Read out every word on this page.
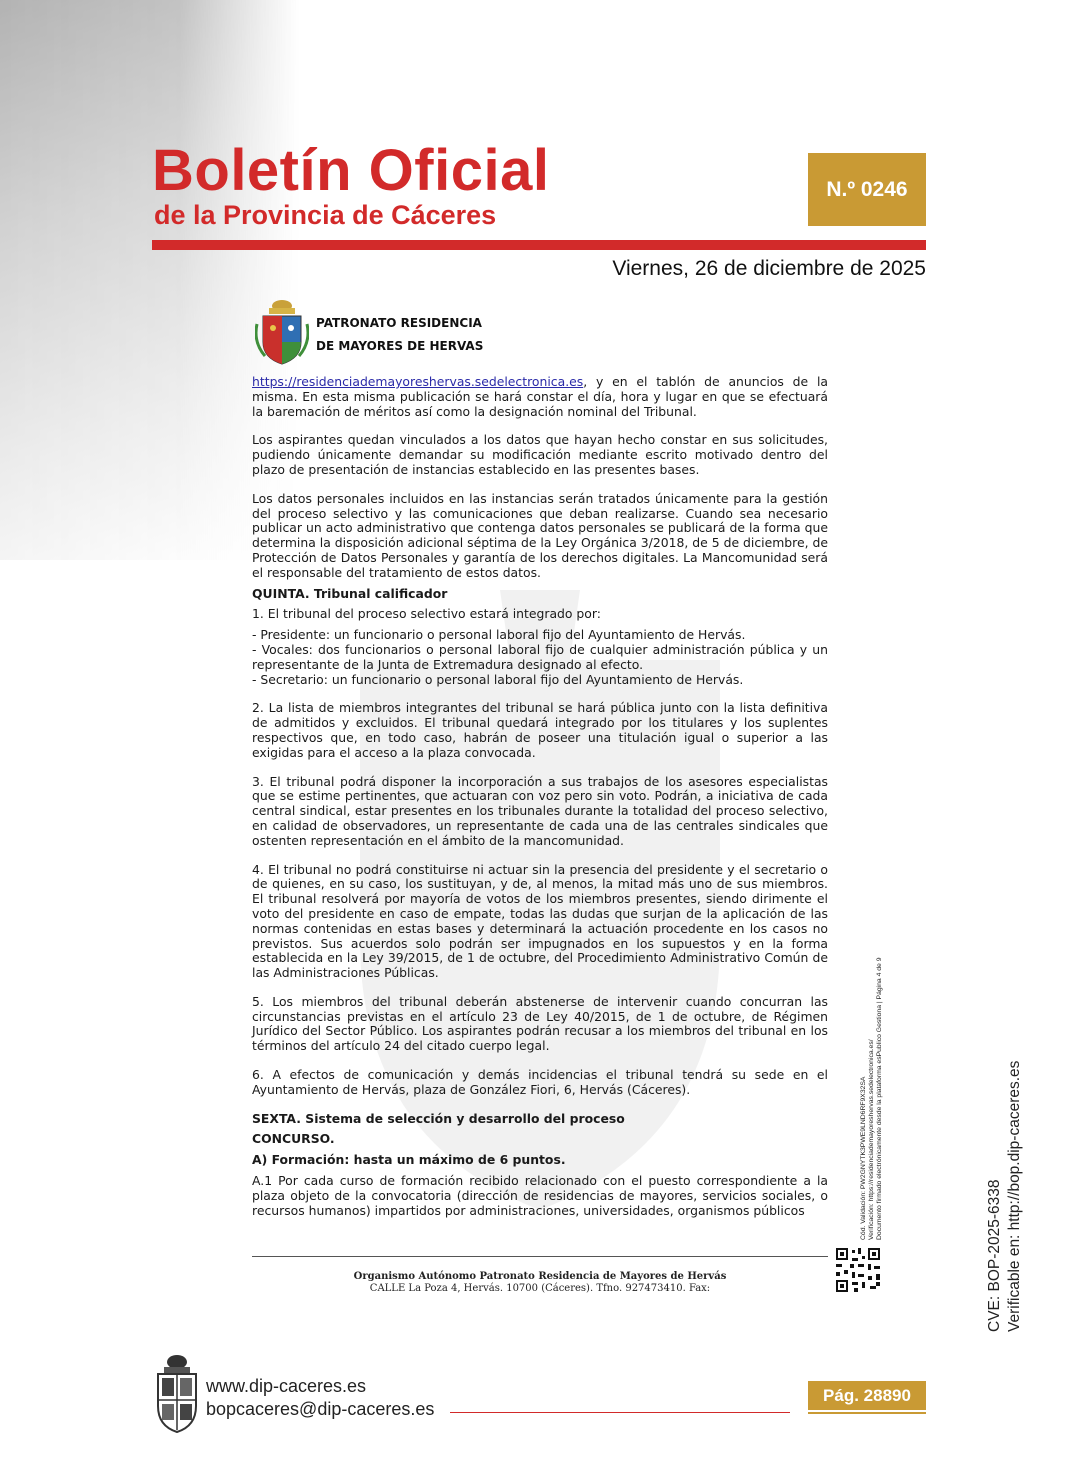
Boletín Oficial
de la Provincia de Cáceres
N.º 0246
Viernes, 26 de diciembre de 2025

PATRONATO RESIDENCIA
DE MAYORES DE HERVAS

https://residenciademayoreshervas.sedelectronica.es, y en el tablón de anuncios de la misma. En esta misma publicación se hará constar el día, hora y lugar en que se efectuará la baremación de méritos así como la designación nominal del Tribunal.

Los aspirantes quedan vinculados a los datos que hayan hecho constar en sus solicitudes, pudiendo únicamente demandar su modificación mediante escrito motivado dentro del plazo de presentación de instancias establecido en las presentes bases.

Los datos personales incluidos en las instancias serán tratados únicamente para la gestión del proceso selectivo y las comunicaciones que deban realizarse. Cuando sea necesario publicar un acto administrativo que contenga datos personales se publicará de la forma que determina la disposición adicional séptima de la Ley Orgánica 3/2018, de 5 de diciembre, de Protección de Datos Personales y garantía de los derechos digitales. La Mancomunidad será el responsable del tratamiento de estos datos.

QUINTA. Tribunal calificador

1. El tribunal del proceso selectivo estará integrado por:

- Presidente: un funcionario o personal laboral fijo del Ayuntamiento de Hervás.
- Vocales: dos funcionarios o personal laboral fijo de cualquier administración pública y un representante de la Junta de Extremadura designado al efecto.
- Secretario: un funcionario o personal laboral fijo del Ayuntamiento de Hervás.

2. La lista de miembros integrantes del tribunal se hará pública junto con la lista definitiva de admitidos y excluidos. El tribunal quedará integrado por los titulares y los suplentes respectivos que, en todo caso, habrán de poseer una titulación igual o superior a las exigidas para el acceso a la plaza convocada.

3. El tribunal podrá disponer la incorporación a sus trabajos de los asesores especialistas que se estime pertinentes, que actuaran con voz pero sin voto. Podrán, a iniciativa de cada central sindical, estar presentes en los tribunales durante la totalidad del proceso selectivo, en calidad de observadores, un representante de cada una de las centrales sindicales que ostenten representación en el ámbito de la mancomunidad.

4. El tribunal no podrá constituirse ni actuar sin la presencia del presidente y el secretario o de quienes, en su caso, los sustituyan, y de, al menos, la mitad más uno de sus miembros. El tribunal resolverá por mayoría de votos de los miembros presentes, siendo dirimente el voto del presidente en caso de empate, todas las dudas que surjan de la aplicación de las normas contenidas en estas bases y determinará la actuación procedente en los casos no previstos. Sus acuerdos solo podrán ser impugnados en los supuestos y en la forma establecida en la Ley 39/2015, de 1 de octubre, del Procedimiento Administrativo Común de las Administraciones Públicas.

5. Los miembros del tribunal deberán abstenerse de intervenir cuando concurran las circunstancias previstas en el artículo 23 de Ley 40/2015, de 1 de octubre, de Régimen Jurídico del Sector Público. Los aspirantes podrán recusar a los miembros del tribunal en los términos del artículo 24 del citado cuerpo legal.

6. A efectos de comunicación y demás incidencias el tribunal tendrá su sede en el Ayuntamiento de Hervás, plaza de González Fiori, 6, Hervás (Cáceres).

SEXTA. Sistema de selección y desarrollo del proceso

CONCURSO.

A) Formación: hasta un máximo de 6 puntos.

A.1 Por cada curso de formación recibido relacionado con el puesto correspondiente a la plaza objeto de la convocatoria (dirección de residencias de mayores, servicios sociales, o recursos humanos) impartidos por administraciones, universidades, organismos públicos

Organismo Autónomo Patronato Residencia de Mayores de Hervás
CALLE La Poza 4, Hervás. 10700 (Cáceres). Tfno. 927473410. Fax:
Cód. Validación: PW2GNYTK3PWE9LND6RF9X32SA Verificación: https://residenciademayoreshervas.sedelectronica.es/ Documento firmado electrónicamente desde la plataforma esPublico Gestiona | Página 4 de 9
CVE: BOP-2025-6338 Verificable en: http://bop.dip-caceres.es

www.dip-caceres.es
bopcaceres@dip-caceres.es

Pág. 28890
